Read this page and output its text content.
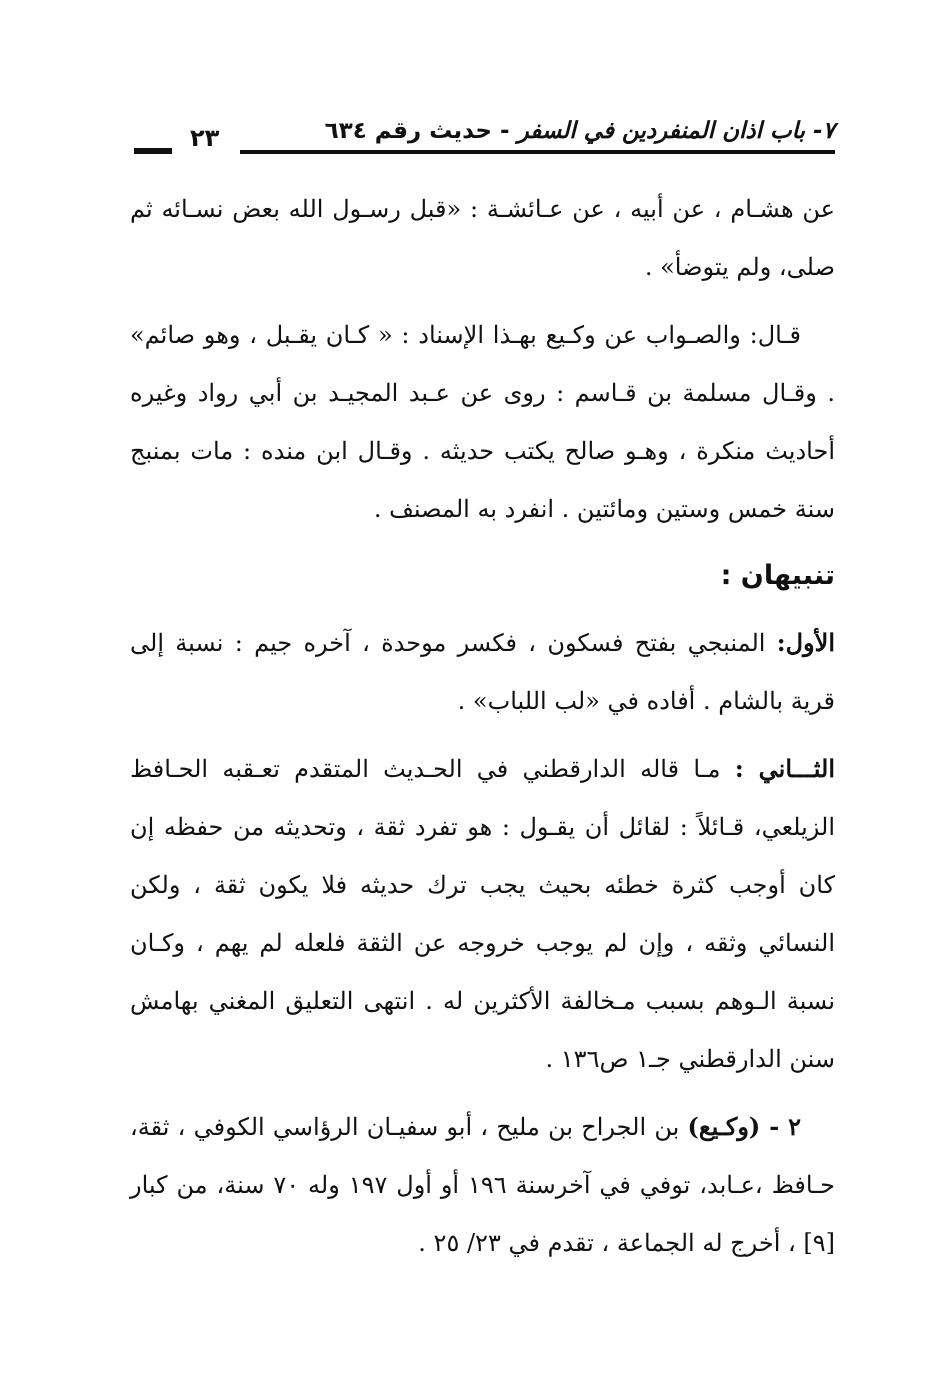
٧- باب اذان المنفردين في السفر - حديث رقم ٦٣٤
٢٣

عن هشـام ، عن أبيه ، عن عـائشـة : «قبل رسـول الله بعض نسـائه ثم صلى، ولم يتوضأ» .

قـال: والصـواب عن وكـيع بهـذا الإسناد : « كـان يقـبل ، وهو صائم» . وقـال مسلمة بن قـاسم : روى عن عـبد المجيـد بن أبي رواد وغيره أحاديث منكرة ، وهـو صالح يكتب حديثه . وقـال ابن منده : مات بمنبج سنة خمس وستين ومائتين . انفرد به المصنف .

تنبيهان :

الأول: المنبجي بفتح فسكون ، فكسر موحدة ، آخره جيم : نسبة إلى قرية بالشام . أفاده في «لب اللباب» .

الثـــاني : مـا قاله الدارقطني في الحـديث المتقدم تعـقبه الحـافظ الزيلعي، قـائلاً : لقائل أن يقـول : هو تفرد ثقة ، وتحديثه من حفظه إن كان أوجب كثرة خطئه بحيث يجب ترك حديثه فلا يكون ثقة ، ولكن النسائي وثقه ، وإن لم يوجب خروجه عن الثقة فلعله لم يهم ، وكـان نسبة الـوهم بسبب مـخالفة الأكثرين له . انتهى التعليق المغني بهامش سنن الدارقطني جـ١ ص١٣٦ .

٢ - (وكـيع) بن الجراح بن مليح ، أبو سفيـان الرؤاسي الكوفي ، ثقة، حـافظ ،عـابد، توفي في آخرسنة ١٩٦ أو أول ١٩٧ وله ٧٠ سنة، من كبار [٩] ، أخرج له الجماعة ، تقدم في ٢٣/ ٢٥ .
